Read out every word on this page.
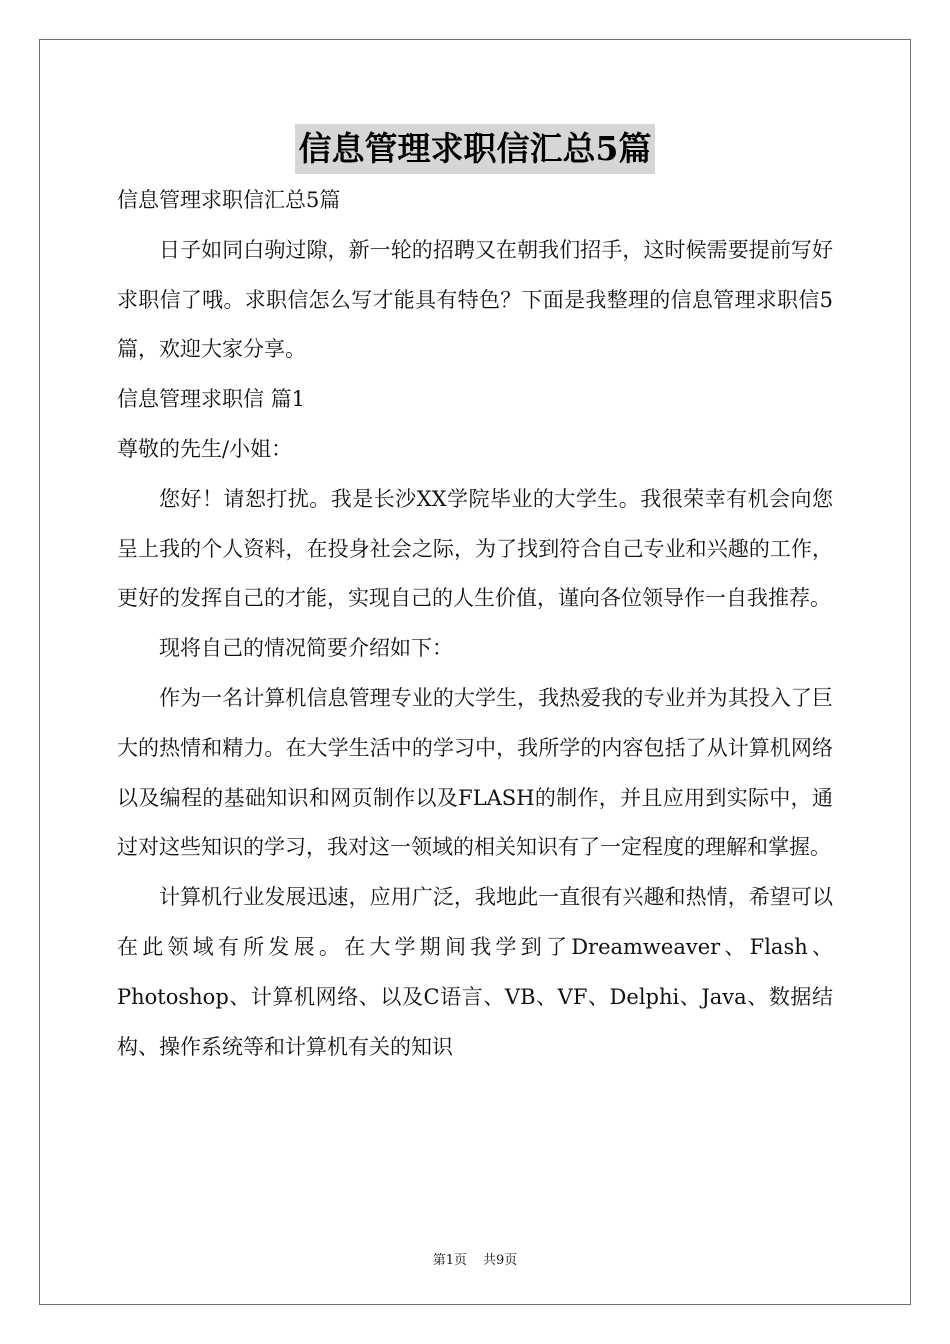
信息管理求职信汇总5篇

信息管理求职信汇总5篇

日子如同白驹过隙，新一轮的招聘又在朝我们招手，这时候需要提前写好求职信了哦。求职信怎么写才能具有特色？下面是我整理的信息管理求职信5篇，欢迎大家分享。

信息管理求职信 篇1

尊敬的先生/小姐：

您好！请恕打扰。我是长沙XX学院毕业的大学生。我很荣幸有机会向您呈上我的个人资料，在投身社会之际，为了找到符合自己专业和兴趣的工作，更好的发挥自己的才能，实现自己的人生价值，谨向各位领导作一自我推荐。

现将自己的情况简要介绍如下：

作为一名计算机信息管理专业的大学生，我热爱我的专业并为其投入了巨大的热情和精力。在大学生活中的学习中，我所学的内容包括了从计算机网络以及编程的基础知识和网页制作以及FLASH的制作，并且应用到实际中，通过对这些知识的学习，我对这一领域的相关知识有了一定程度的理解和掌握。

计算机行业发展迅速，应用广泛，我地此一直很有兴趣和热情，希望可以在此领域有所发展。在大学期间我学到了Dreamweaver、Flash、Photoshop、计算机网络、以及C语言、VB、VF、Delphi、Java、数据结构、操作系统等和计算机有关的知识

第1页 共9页
